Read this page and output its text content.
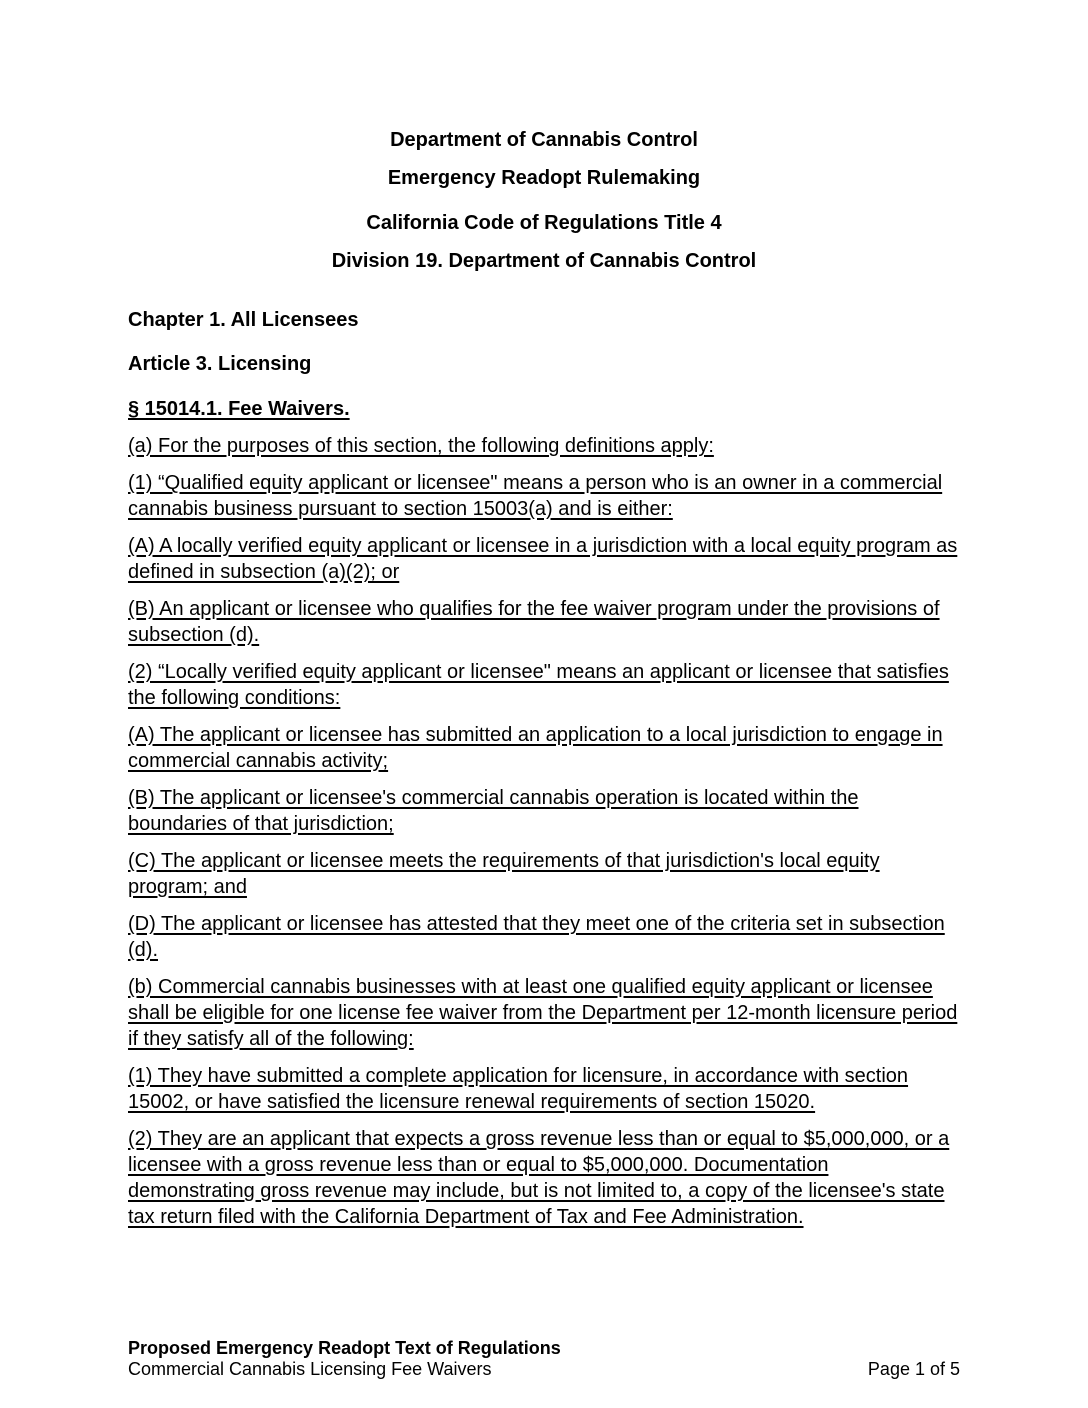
Department of Cannabis Control

Emergency Readopt Rulemaking

California Code of Regulations Title 4

Division 19. Department of Cannabis Control

Chapter 1. All Licensees

Article 3. Licensing

§ 15014.1. Fee Waivers.

(a) For the purposes of this section, the following definitions apply:

(1) “Qualified equity applicant or licensee" means a person who is an owner in a commercial cannabis business pursuant to section 15003(a) and is either:

(A) A locally verified equity applicant or licensee in a jurisdiction with a local equity program as defined in subsection (a)(2); or

(B) An applicant or licensee who qualifies for the fee waiver program under the provisions of subsection (d).

(2) “Locally verified equity applicant or licensee" means an applicant or licensee that satisfies the following conditions:

(A) The applicant or licensee has submitted an application to a local jurisdiction to engage in commercial cannabis activity;

(B) The applicant or licensee's commercial cannabis operation is located within the boundaries of that jurisdiction;

(C) The applicant or licensee meets the requirements of that jurisdiction's local equity program; and

(D) The applicant or licensee has attested that they meet one of the criteria set in subsection (d).

(b) Commercial cannabis businesses with at least one qualified equity applicant or licensee shall be eligible for one license fee waiver from the Department per 12-month licensure period if they satisfy all of the following:

(1) They have submitted a complete application for licensure, in accordance with section 15002, or have satisfied the licensure renewal requirements of section 15020.

(2) They are an applicant that expects a gross revenue less than or equal to $5,000,000, or a licensee with a gross revenue less than or equal to $5,000,000. Documentation demonstrating gross revenue may include, but is not limited to, a copy of the licensee's state tax return filed with the California Department of Tax and Fee Administration.

Proposed Emergency Readopt Text of Regulations
Commercial Cannabis Licensing Fee Waivers	Page 1 of 5
